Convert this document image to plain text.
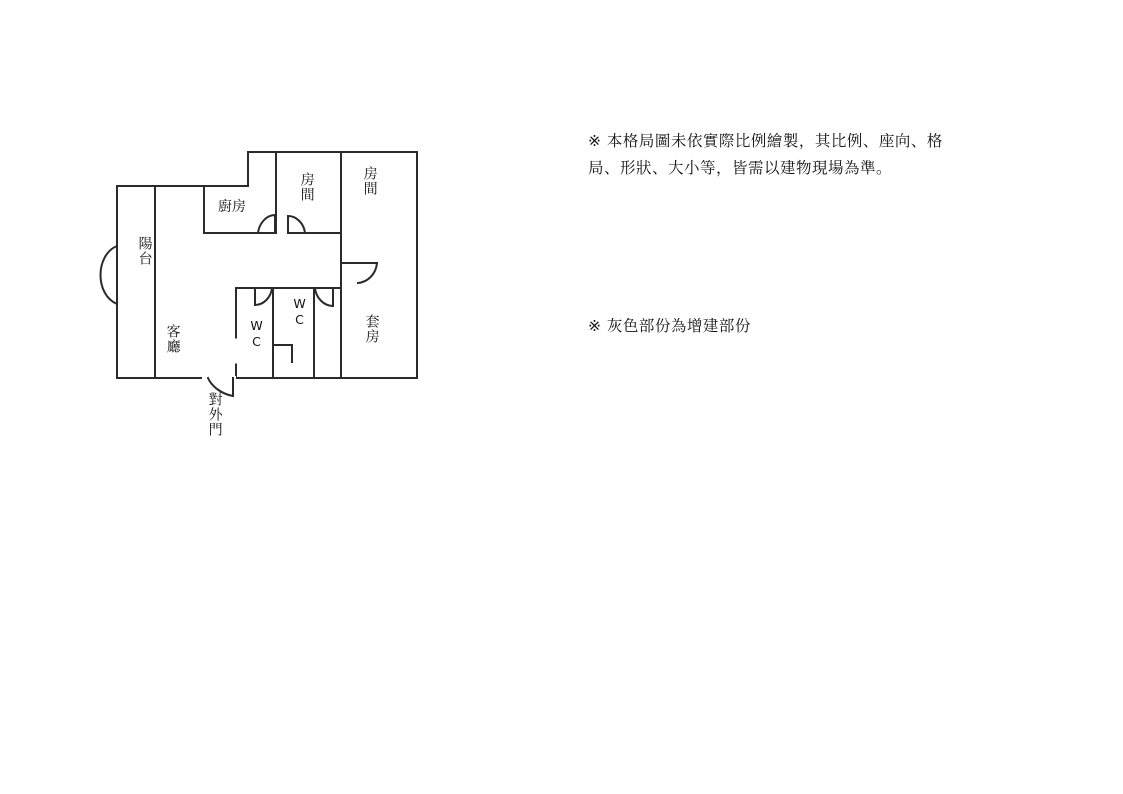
陽台
廚房
房間	房間
客廳	WC
WC
套房
對外門
※ 本格局圖未依實際比例繪製，其比例、座向、格局、形狀、大小等，皆需以建物現場為準。
※ 灰色部份為增建部份
